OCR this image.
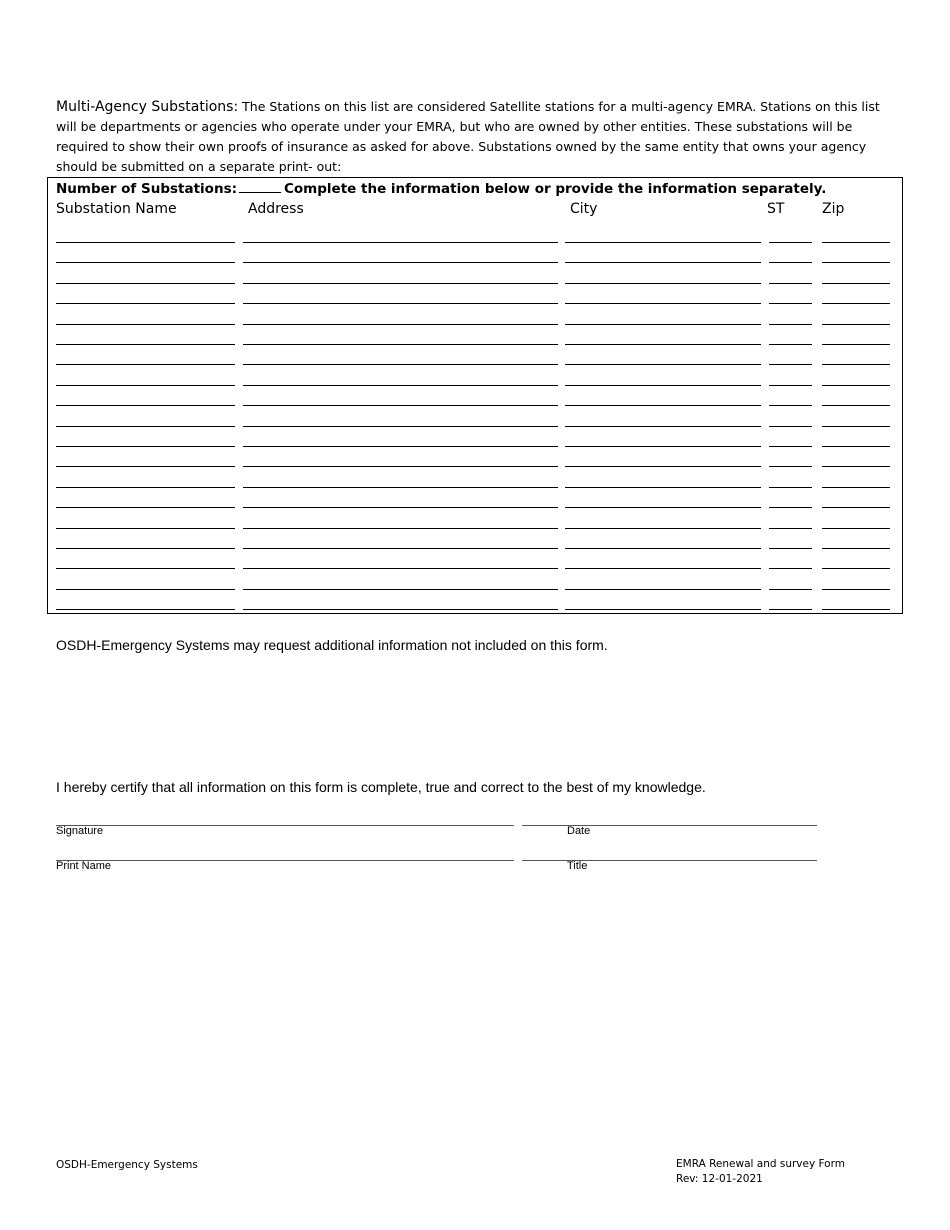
Multi-Agency Substations: The Stations on this list are considered Satellite stations for a multi-agency EMRA. Stations on this list will be departments or agencies who operate under your EMRA, but who are owned by other entities. These substations will be required to show their own proofs of insurance as asked for above. Substations owned by the same entity that owns your agency should be submitted on a separate print- out:
Number of Substations:	Complete the information below or provide the information separately.
Substation Name	Address	City	ST	Zip
OSDH-Emergency Systems may request additional information not included on this form.
I hereby certify that all information on this form is complete, true and correct to the best of my knowledge.
Signature	Date
Print Name	Title
OSDH-Emergency Systems	EMRA Renewal and survey Form
Rev: 12-01-2021
